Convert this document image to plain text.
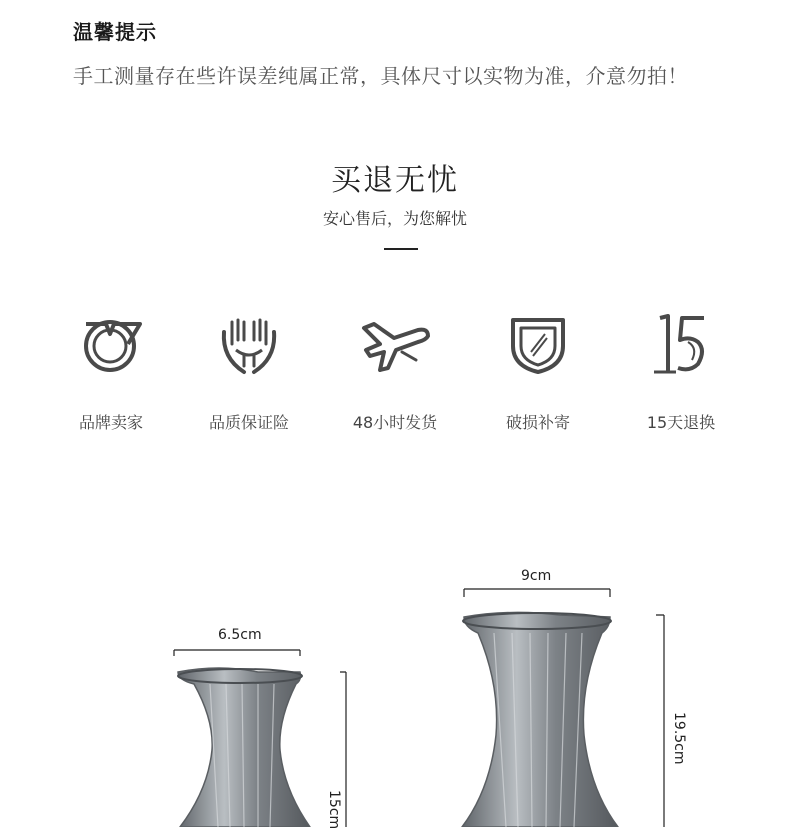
温馨提示
手工测量存在些许误差纯属正常，具体尺寸以实物为准，介意勿拍！
买退无忧
安心售后，为您解忧
品牌卖家	品质保证险	48小时发货	破损补寄	15天退换
6.5cm
15cm
9cm
19.5cm
